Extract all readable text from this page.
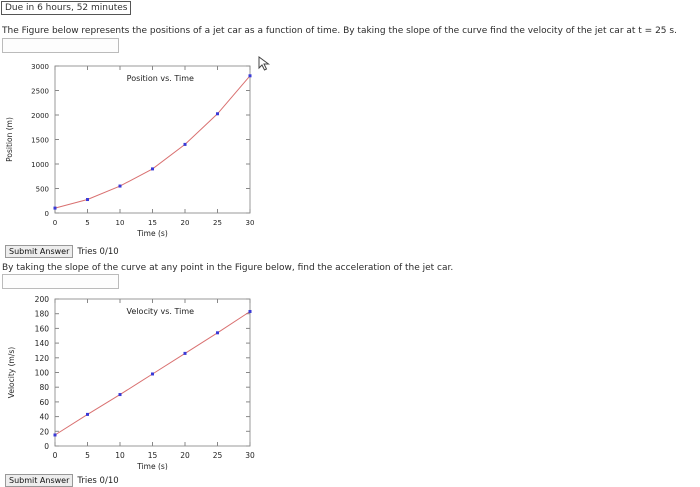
Due in 6 hours, 52 minutes
The Figure below represents the positions of a jet car as a function of time. By taking the slope of the curve find the velocity of the jet car at t = 25 s.
0
500
1000
1500
2000
2500
3000
0	5	10	15	20	25	30
Position vs. Time
Time (s)
Position (m)
Submit Answer Tries 0/10
By taking the slope of the curve at any point in the Figure below, find the acceleration of the jet car.
0
20
40
60
80
100
120
140
160
180
200
0	5	10	15	20	25	30
Velocity vs. Time
Time (s)
Velocity (m/s)
Submit Answer Tries 0/10
